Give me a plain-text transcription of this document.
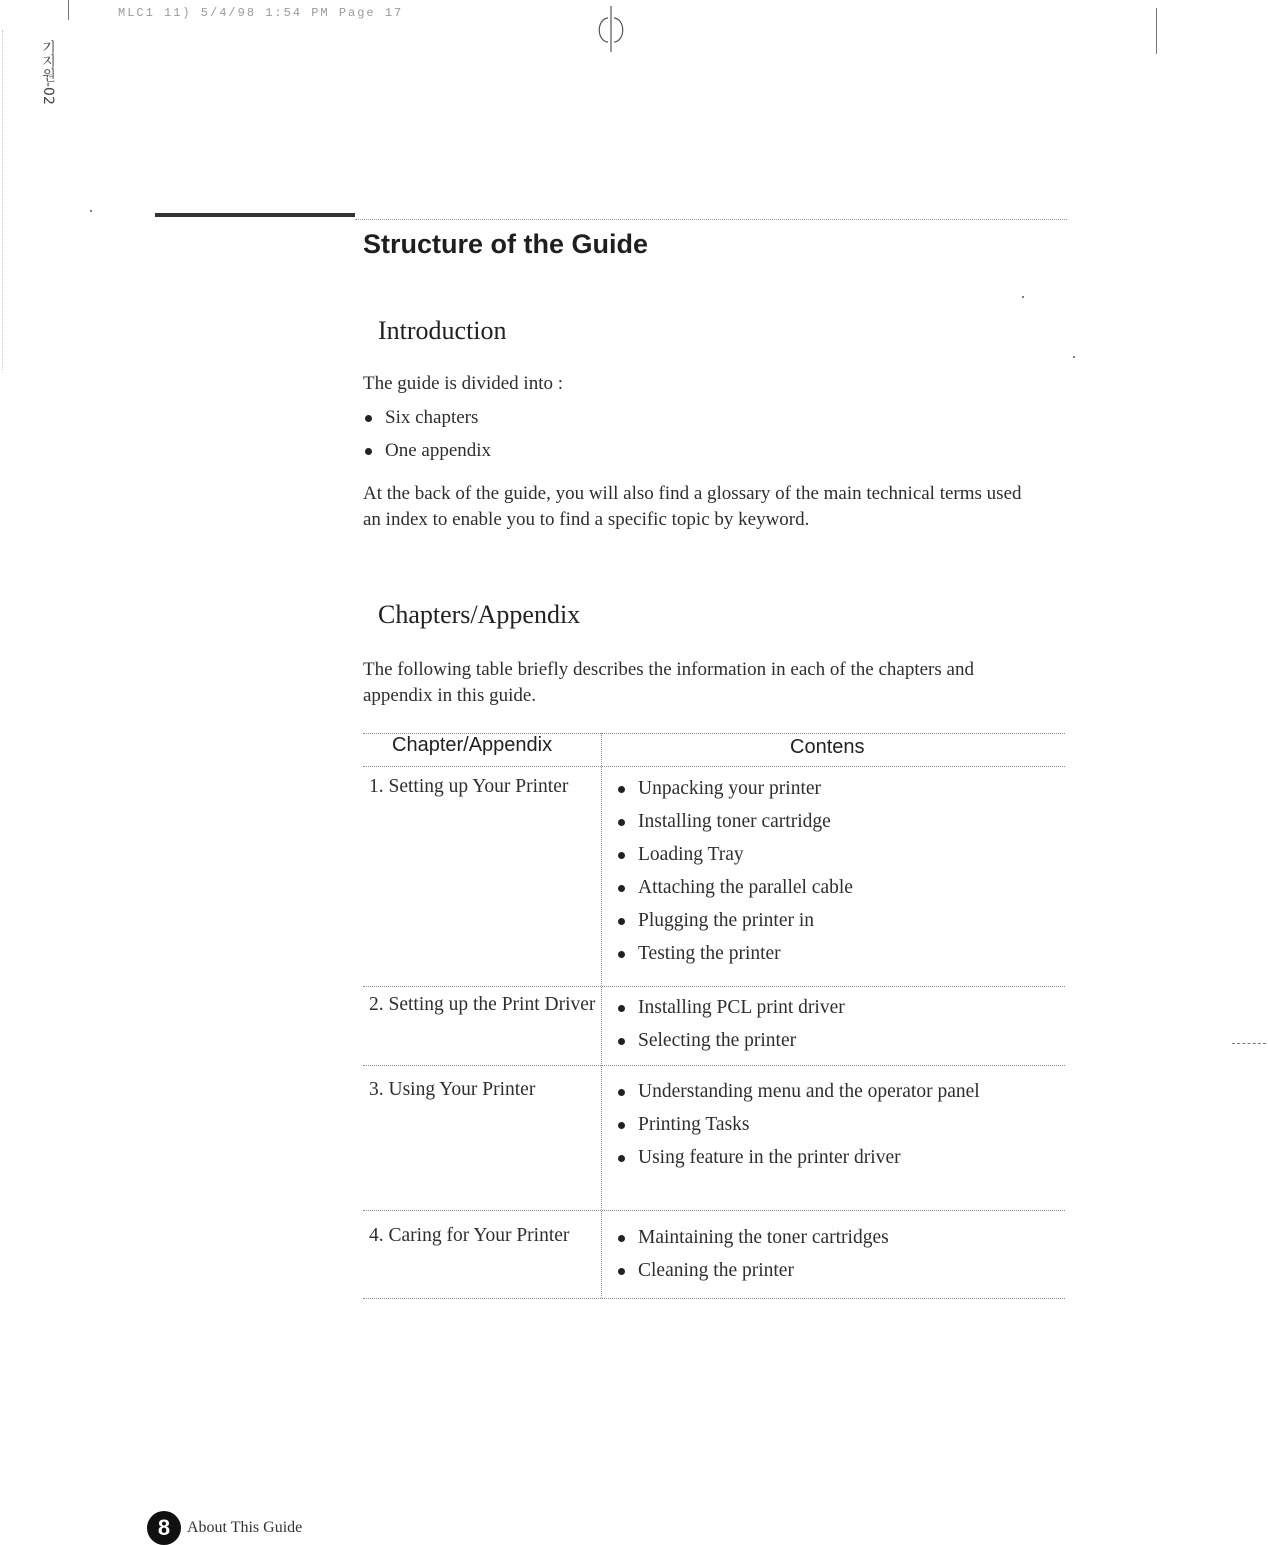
MLC1 11) 5/4/98 1:54 PM Page 17
기지원-02
Structure of the Guide
Introduction

The guide is divided into :

Six chapters
One appendix

At the back of the guide, you will also find a glossary of the main technical terms used an index to enable you to find a specific topic by keyword.

Chapters/Appendix

The following table briefly describes the information in each of the chapters and appendix in this guide.

Chapter/Appendix	Contens

1. Setting up Your Printer	Unpacking your printer
Installing toner cartridge
Loading Tray
Attaching the parallel cable
Plugging the printer in
Testing the printer

2. Setting up the Print Driver	Installing PCL print driver
Selecting the printer

3. Using Your Printer	Understanding menu and the operator panel
Printing Tasks
Using feature in the printer driver

4. Caring for Your Printer	Maintaining the toner cartridges
Cleaning the printer
8	About This Guide
